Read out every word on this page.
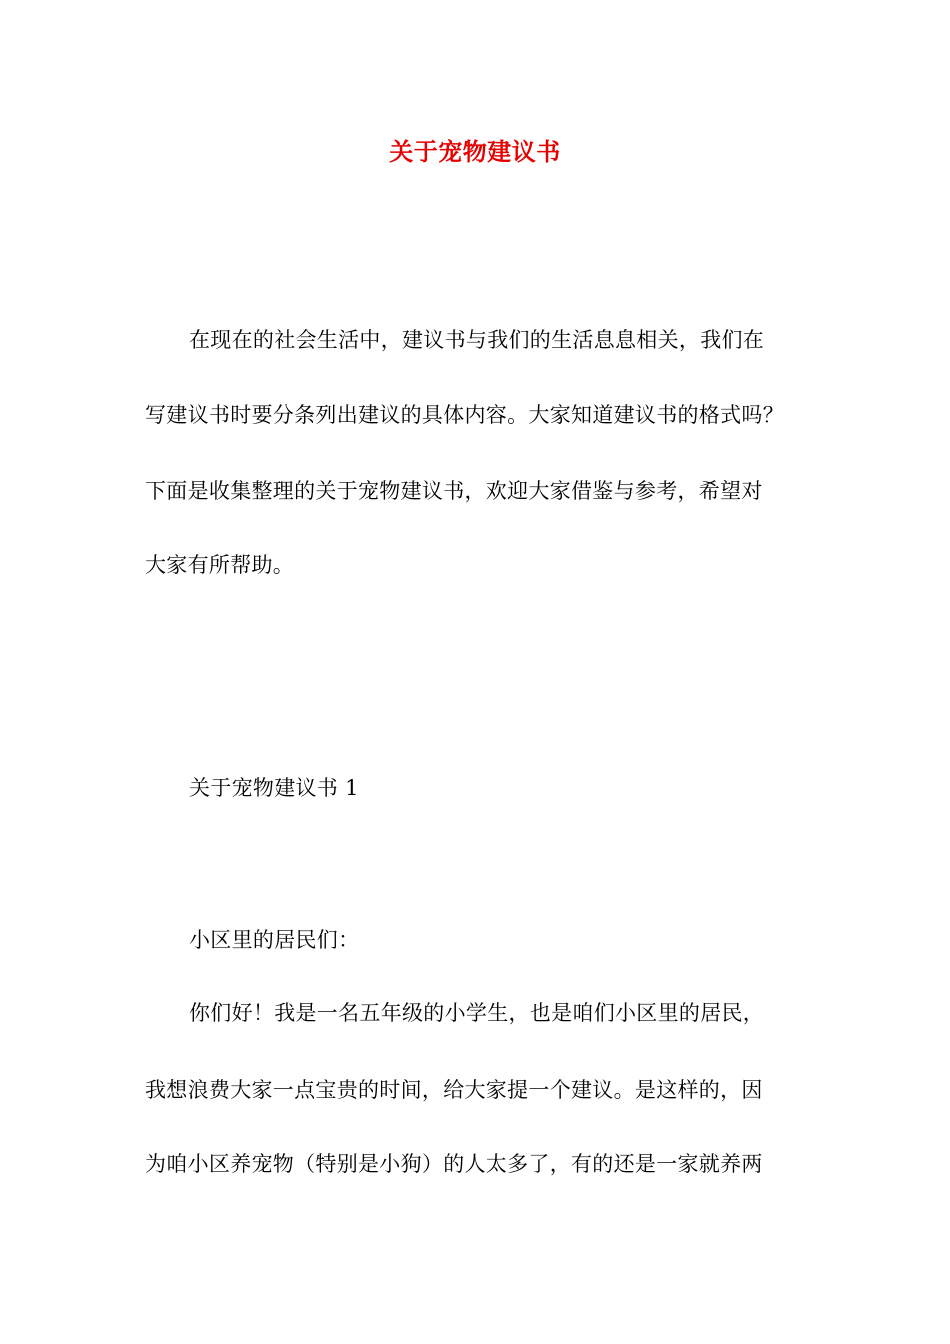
关于宠物建议书
在现在的社会生活中，建议书与我们的生活息息相关，我们在
写建议书时要分条列出建议的具体内容。大家知道建议书的格式吗？
下面是收集整理的关于宠物建议书，欢迎大家借鉴与参考，希望对
大家有所帮助。
关于宠物建议书 1
小区里的居民们：
你们好！我是一名五年级的小学生，也是咱们小区里的居民，
我想浪费大家一点宝贵的时间，给大家提一个建议。是这样的，因
为咱小区养宠物（特别是小狗）的人太多了，有的还是一家就养两
